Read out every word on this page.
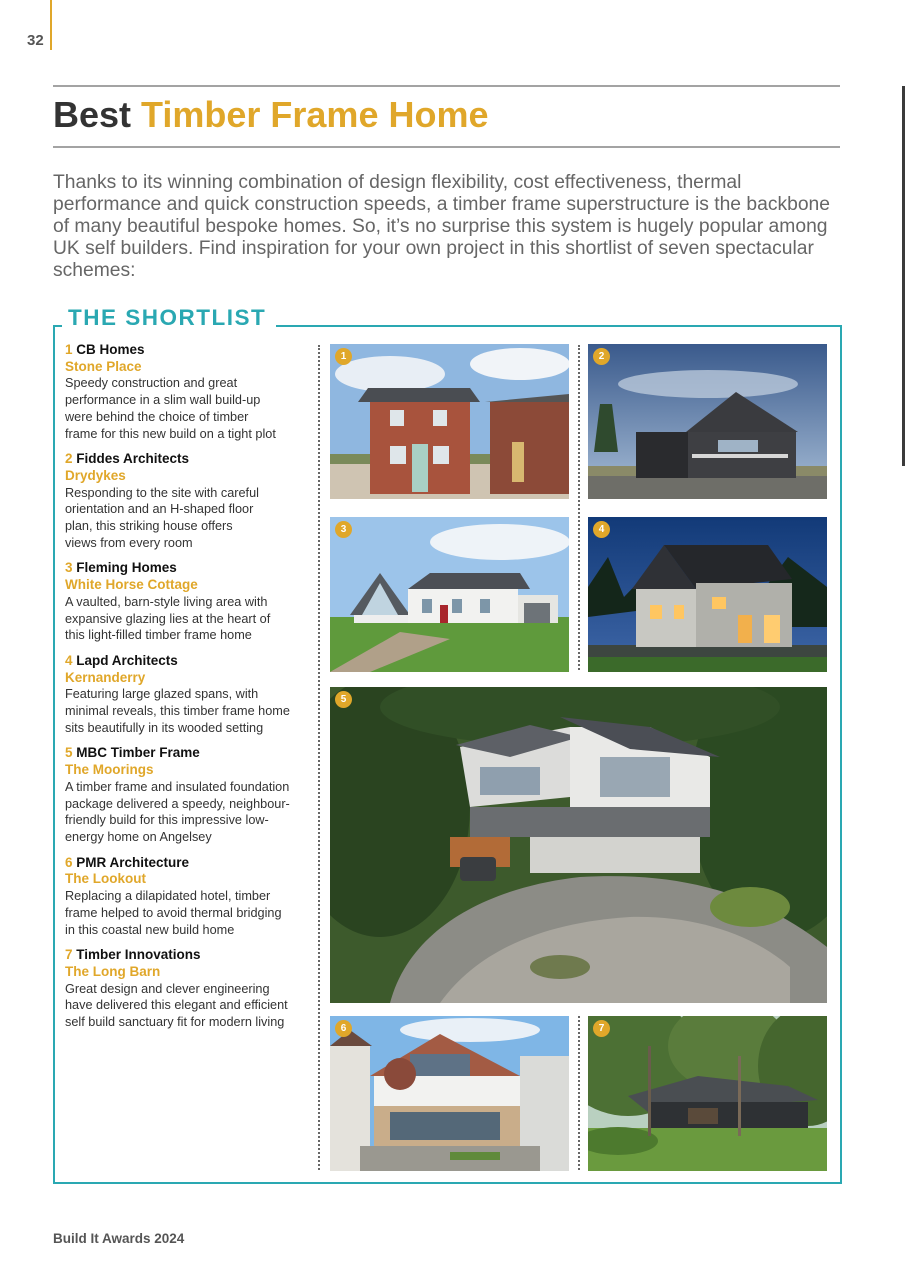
32
Best Timber Frame Home

Thanks to its winning combination of design flexibility, cost effectiveness, thermal performance and quick construction speeds, a timber frame superstructure is the backbone of many beautiful bespoke homes. So, it’s no surprise this system is hugely popular among UK self builders. Find inspiration for your own project in this shortlist of seven spectacular schemes:

THE SHORTLIST
1 CB Homes
Stone Place
Speedy construction and great
performance in a slim wall build-up
were behind the choice of timber
frame for this new build on a tight plot
2 Fiddes Architects
Drydykes
Responding to the site with careful
orientation and an H-shaped floor
plan, this striking house offers
views from every room
3 Fleming Homes
White Horse Cottage
A vaulted, barn-style living area with
expansive glazing lies at the heart of
this light-filled timber frame home
4 Lapd Architects
Kernanderry
Featuring large glazed spans, with
minimal reveals, this timber frame home
sits beautifully in its wooded setting
5 MBC Timber Frame
The Moorings
A timber frame and insulated foundation
package delivered a speedy, neighbour-
friendly build for this impressive low-
energy home on Angelsey
6 PMR Architecture
The Lookout
Replacing a dilapidated hotel, timber
frame helped to avoid thermal bridging
in this coastal new build home
7 Timber Innovations
The Long Barn
Great design and clever engineering
have delivered this elegant and efficient
self build sanctuary fit for modern living
1	2
3	4
5
6	7
Build It Awards 2024
